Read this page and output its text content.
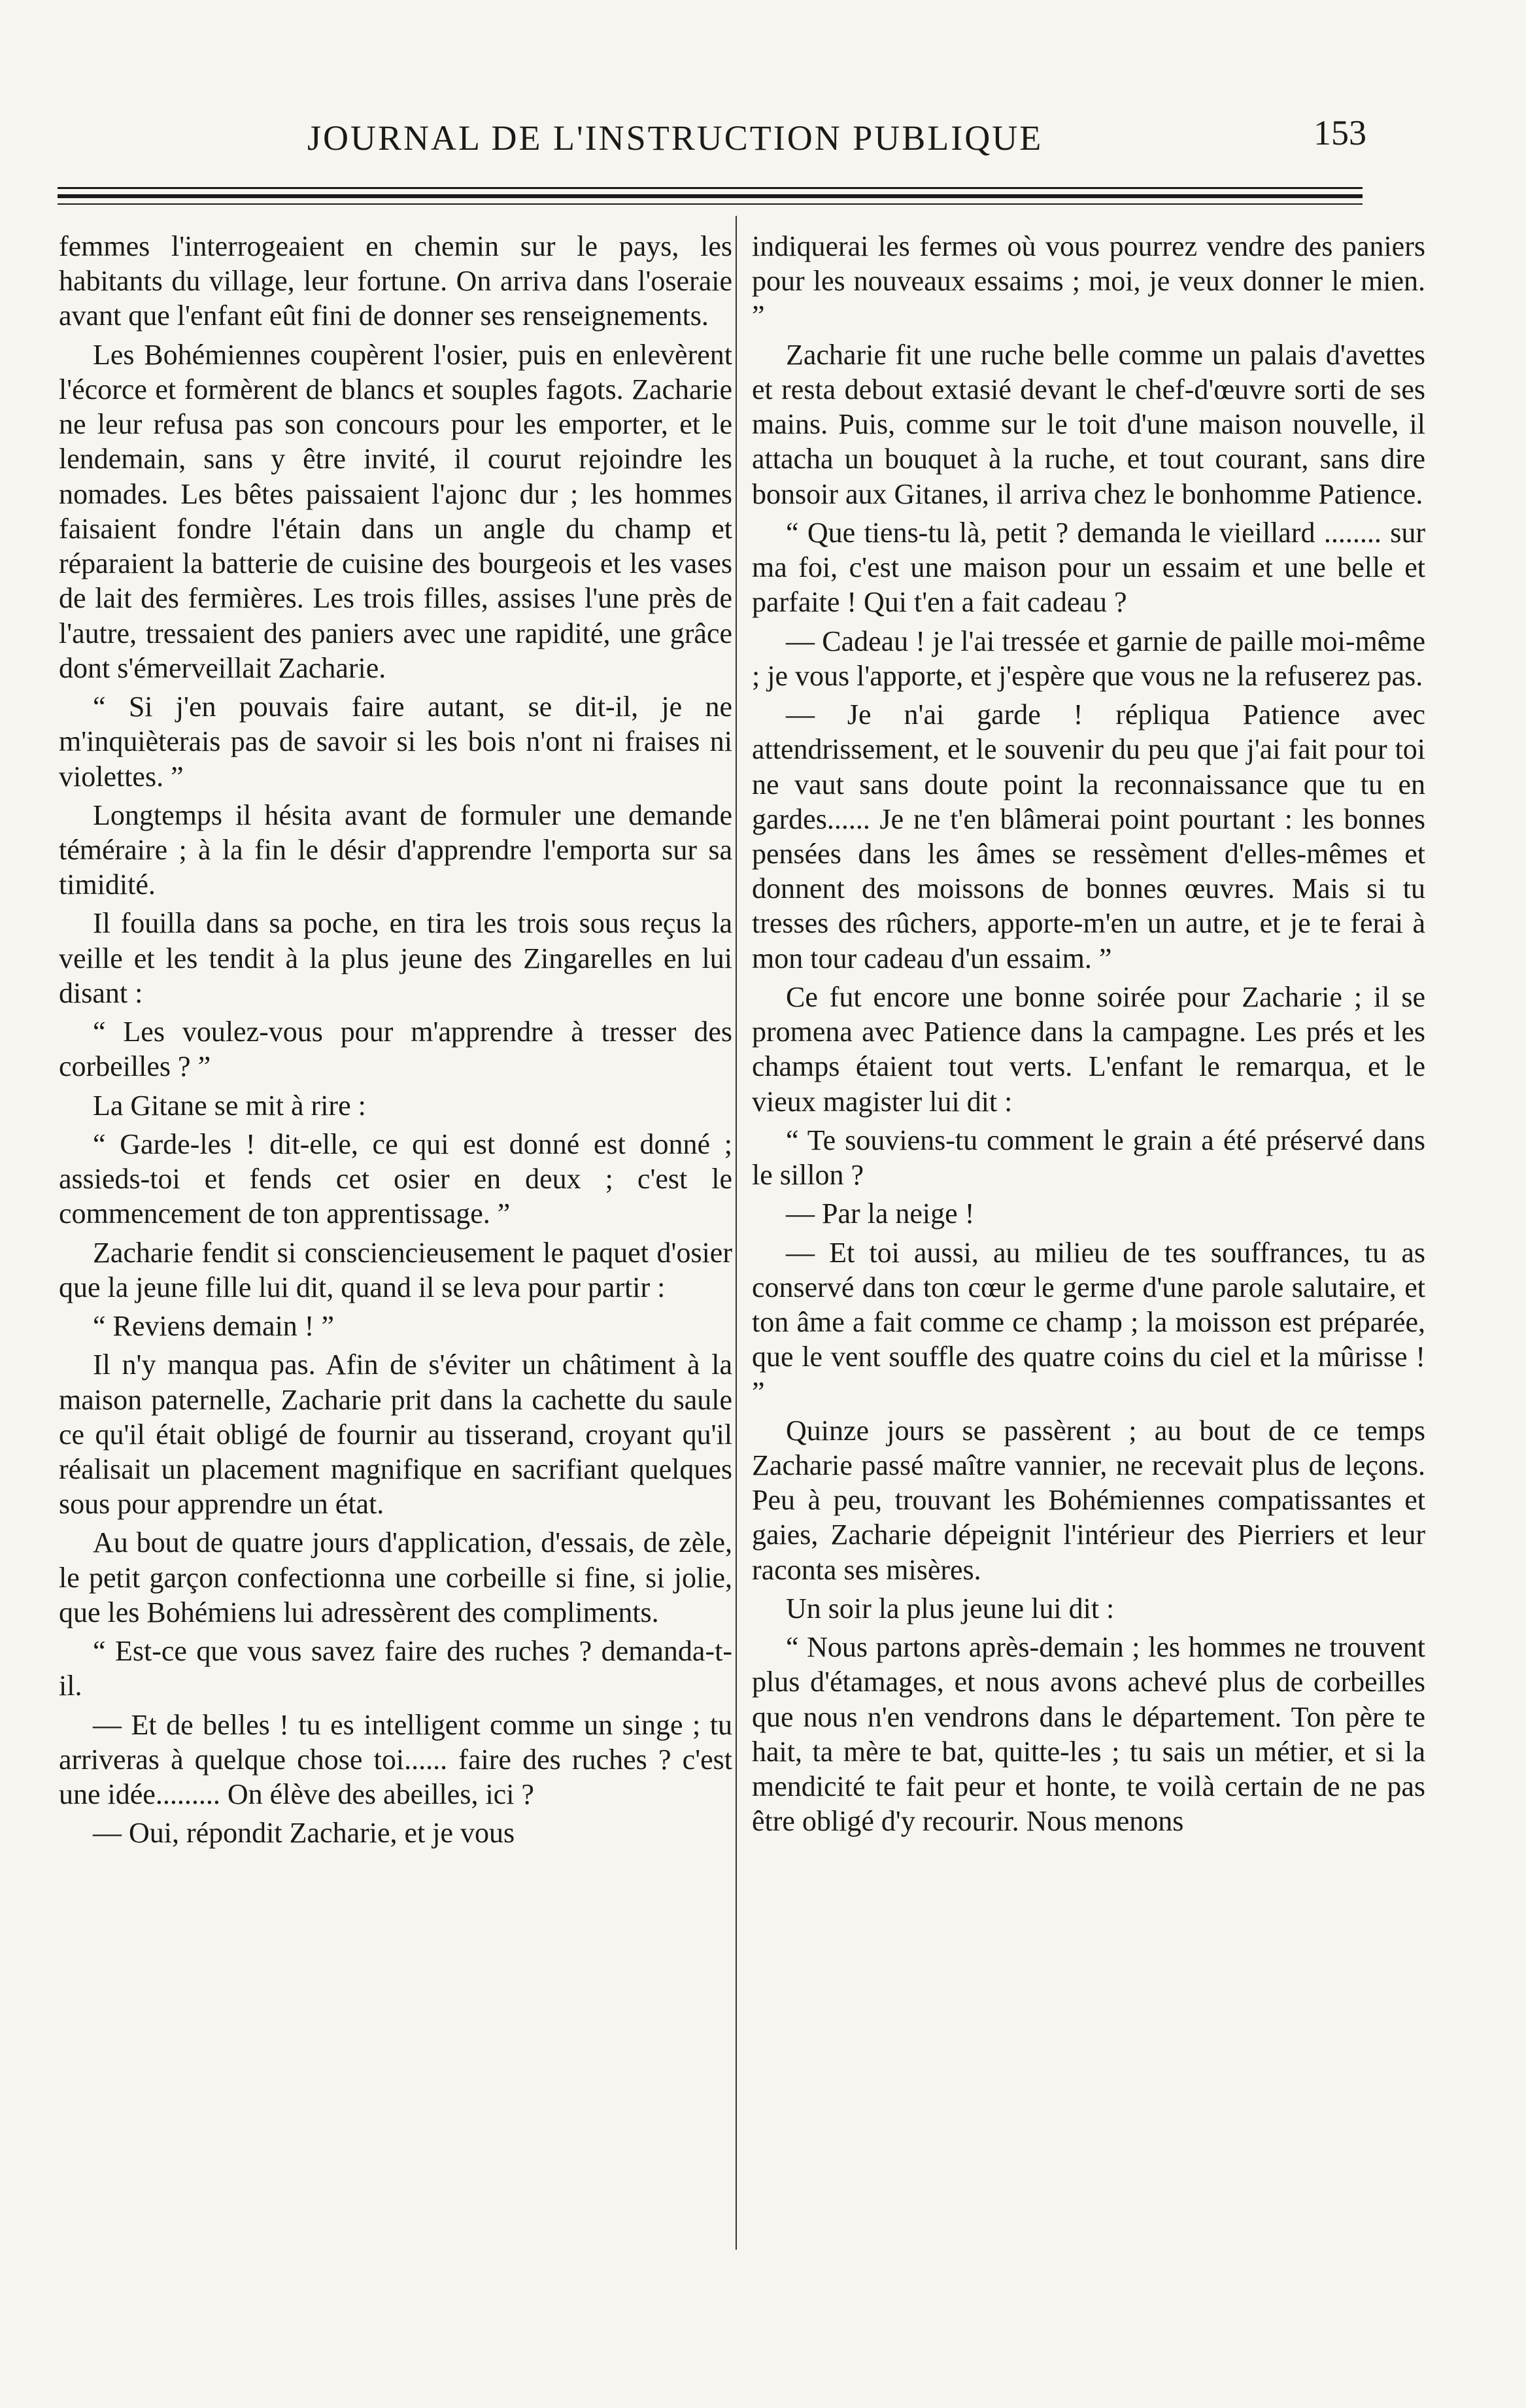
JOURNAL DE L'INSTRUCTION PUBLIQUE	153

femmes l'interrogeaient en chemin sur le pays, les habitants du village, leur fortune. On arriva dans l'oseraie avant que l'enfant eût fini de donner ses renseignements.

Les Bohémiennes coupèrent l'osier, puis en enlevèrent l'écorce et formèrent de blancs et souples fagots. Zacharie ne leur refusa pas son concours pour les emporter, et le lendemain, sans y être invité, il courut rejoindre les nomades. Les bêtes paissaient l'ajonc dur ; les hommes faisaient fondre l'étain dans un angle du champ et réparaient la batterie de cuisine des bourgeois et les vases de lait des fermières. Les trois filles, assises l'une près de l'autre, tressaient des paniers avec une rapidité, une grâce dont s'émerveillait Zacharie.

“ Si j'en pouvais faire autant, se dit-il, je ne m'inquièterais pas de savoir si les bois n'ont ni fraises ni violettes. ”

Longtemps il hésita avant de formuler une demande téméraire ; à la fin le désir d'apprendre l'emporta sur sa timidité.

Il fouilla dans sa poche, en tira les trois sous reçus la veille et les tendit à la plus jeune des Zingarelles en lui disant :

“ Les voulez-vous pour m'apprendre à tresser des corbeilles ? ”

La Gitane se mit à rire :

“ Garde-les ! dit-elle, ce qui est donné est donné ; assieds-toi et fends cet osier en deux ; c'est le commencement de ton apprentissage. ”

Zacharie fendit si consciencieusement le paquet d'osier que la jeune fille lui dit, quand il se leva pour partir :

“ Reviens demain ! ”

Il n'y manqua pas. Afin de s'éviter un châtiment à la maison paternelle, Zacharie prit dans la cachette du saule ce qu'il était obligé de fournir au tisserand, croyant qu'il réalisait un placement magnifique en sacrifiant quelques sous pour apprendre un état.

Au bout de quatre jours d'application, d'essais, de zèle, le petit garçon confectionna une corbeille si fine, si jolie, que les Bohémiens lui adressèrent des compliments.

“ Est-ce que vous savez faire des ruches ? demanda-t-il.

— Et de belles ! tu es intelligent comme un singe ; tu arriveras à quelque chose toi...... faire des ruches ? c'est une idée......... On élève des abeilles, ici ?

— Oui, répondit Zacharie, et je vous

indiquerai les fermes où vous pourrez vendre des paniers pour les nouveaux essaims ; moi, je veux donner le mien. ”

Zacharie fit une ruche belle comme un palais d'avettes et resta debout extasié devant le chef-d'œuvre sorti de ses mains. Puis, comme sur le toit d'une maison nouvelle, il attacha un bouquet à la ruche, et tout courant, sans dire bonsoir aux Gitanes, il arriva chez le bonhomme Patience.

“ Que tiens-tu là, petit ? demanda le vieillard ........ sur ma foi, c'est une maison pour un essaim et une belle et parfaite ! Qui t'en a fait cadeau ?

— Cadeau ! je l'ai tressée et garnie de paille moi-même ; je vous l'apporte, et j'espère que vous ne la refuserez pas.

— Je n'ai garde ! répliqua Patience avec attendrissement, et le souvenir du peu que j'ai fait pour toi ne vaut sans doute point la reconnaissance que tu en gardes...... Je ne t'en blâmerai point pourtant : les bonnes pensées dans les âmes se ressèment d'elles-mêmes et donnent des moissons de bonnes œuvres. Mais si tu tresses des rûchers, apporte-m'en un autre, et je te ferai à mon tour cadeau d'un essaim. ”

Ce fut encore une bonne soirée pour Zacharie ; il se promena avec Patience dans la campagne. Les prés et les champs étaient tout verts. L'enfant le remarqua, et le vieux magister lui dit :

“ Te souviens-tu comment le grain a été préservé dans le sillon ?

— Par la neige !

— Et toi aussi, au milieu de tes souffrances, tu as conservé dans ton cœur le germe d'une parole salutaire, et ton âme a fait comme ce champ ; la moisson est préparée, que le vent souffle des quatre coins du ciel et la mûrisse ! ”

Quinze jours se passèrent ; au bout de ce temps Zacharie passé maître vannier, ne recevait plus de leçons. Peu à peu, trouvant les Bohémiennes compatissantes et gaies, Zacharie dépeignit l'intérieur des Pierriers et leur raconta ses misères.

Un soir la plus jeune lui dit :

“ Nous partons après-demain ; les hommes ne trouvent plus d'étamages, et nous avons achevé plus de corbeilles que nous n'en vendrons dans le département. Ton père te hait, ta mère te bat, quitte-les ; tu sais un métier, et si la mendicité te fait peur et honte, te voilà certain de ne pas être obligé d'y recourir. Nous menons
